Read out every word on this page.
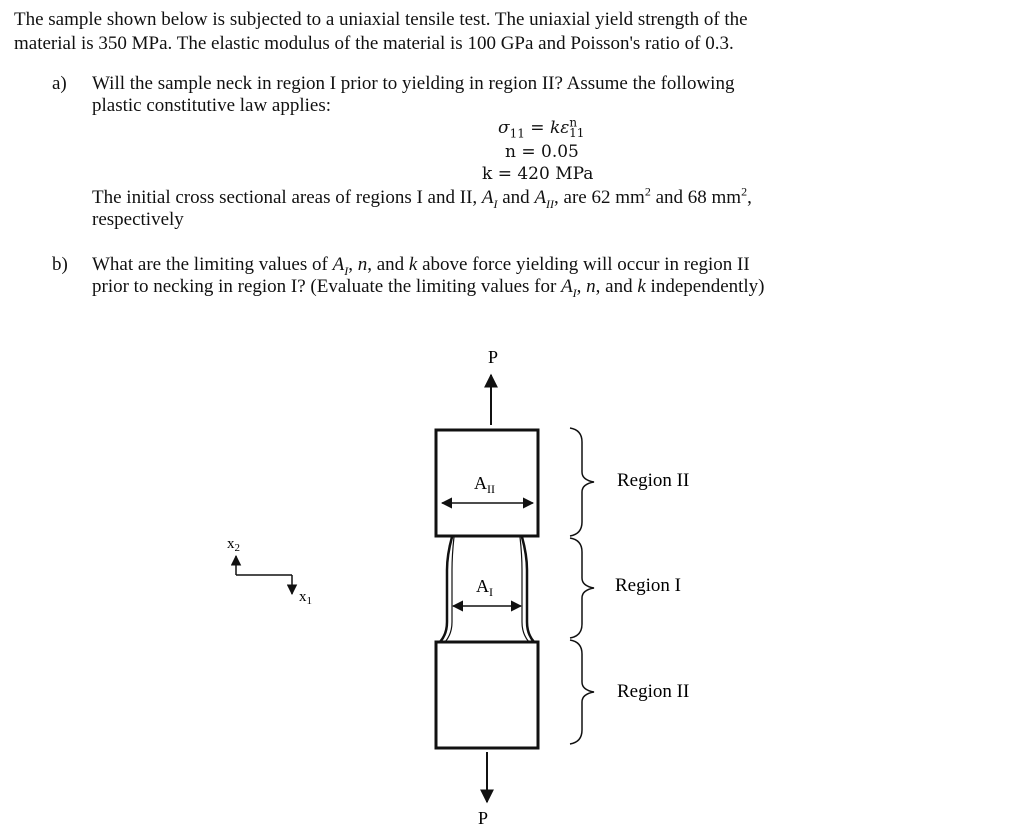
The sample shown below is subjected to a uniaxial tensile test. The uniaxial yield strength of the
material is 350 MPa. The elastic modulus of the material is 100 GPa and Poisson's ratio of 0.3.
a) Will the sample neck in region I prior to yielding in region II? Assume the following
plastic constitutive law applies:
$\sigma_{11} = k\varepsilon^n_{11}$
n = 0.05
k = 420 MPa
The initial cross sectional areas of regions I and II, $A_I$ and $A_{II}$, are 62 $mm^2$ and 68 $mm^2$,
respectively
b) What are the limiting values of $A_I$, n, and k above force yielding will occur in region II
prior to necking in region I? (Evaluate the limiting values for $A_I$, n, and k independently)
P
$A_{II}$
$A_I$
P
Region II
Region I
Region II
$x_2$
$x_1$
